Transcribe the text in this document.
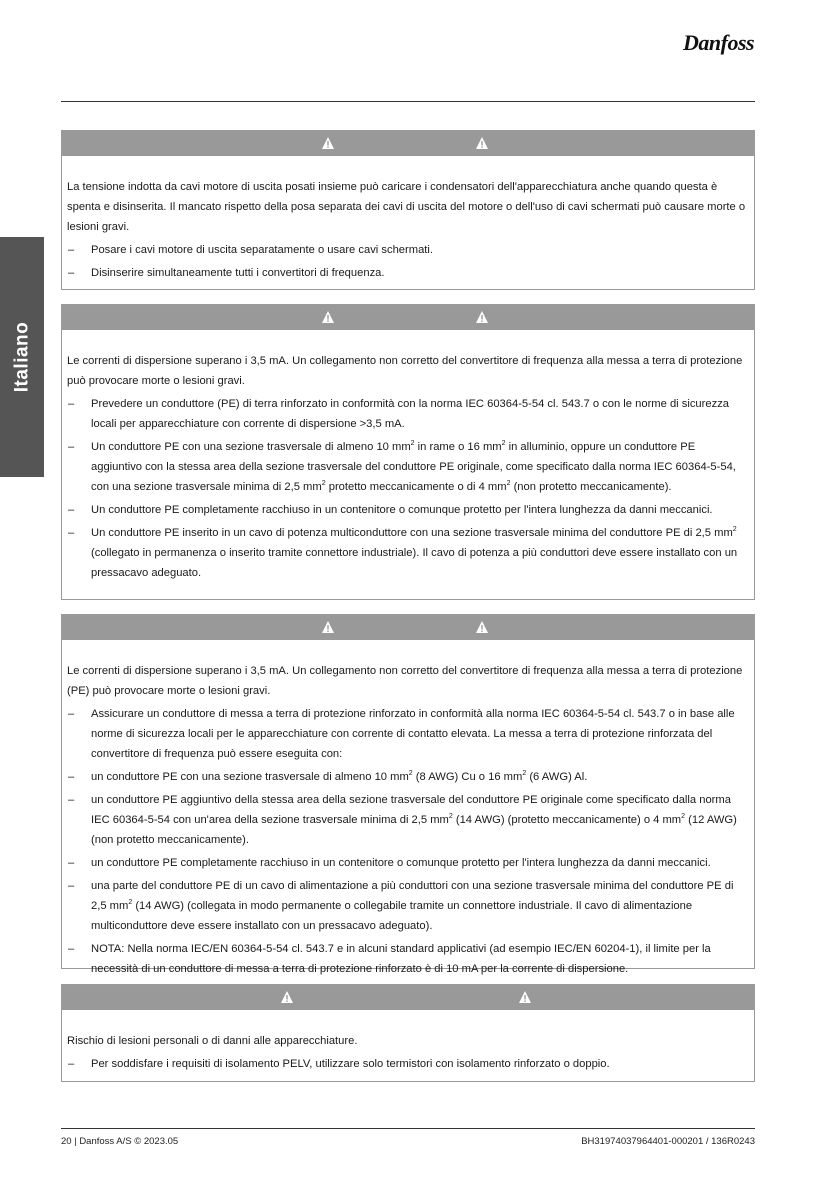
Danfoss
Italiano

La tensione indotta da cavi motore di uscita posati insieme può caricare i condensatori dell'apparecchiatura anche quando questa è spenta e disinserita. Il mancato rispetto della posa separata dei cavi di uscita del motore o dell'uso di cavi schermati può causare morte o lesioni gravi.

– Posare i cavi motore di uscita separatamente o usare cavi schermati.
– Disinserire simultaneamente tutti i convertitori di frequenza.

Le correnti di dispersione superano i 3,5 mA. Un collegamento non corretto del convertitore di frequenza alla messa a terra di protezione può provocare morte o lesioni gravi.

– Prevedere un conduttore (PE) di terra rinforzato in conformità con la norma IEC 60364-5-54 cl. 543.7 o con le norme di sicurezza locali per apparecchiature con corrente di dispersione >3,5 mA.
– Un conduttore PE con una sezione trasversale di almeno 10 $mm^2$ in rame o 16 $mm^2$ in alluminio, oppure un conduttore PE aggiuntivo con la stessa area della sezione trasversale del conduttore PE originale, come specificato dalla norma IEC 60364-5-54, con una sezione trasversale minima di 2,5 $mm^2$ protetto meccanicamente o di 4 $mm^2$ (non protetto meccanicamente).
– Un conduttore PE completamente racchiuso in un contenitore o comunque protetto per l'intera lunghezza da danni meccanici.
– Un conduttore PE inserito in un cavo di potenza multiconduttore con una sezione trasversale minima del conduttore PE di 2,5 $mm^2$ (collegato in permanenza o inserito tramite connettore industriale). Il cavo di potenza a più conduttori deve essere installato con un pressacavo adeguato.

Le correnti di dispersione superano i 3,5 mA. Un collegamento non corretto del convertitore di frequenza alla messa a terra di protezione (PE) può provocare morte o lesioni gravi.

– Assicurare un conduttore di messa a terra di protezione rinforzato in conformità alla norma IEC 60364-5-54 cl. 543.7 o in base alle norme di sicurezza locali per le apparecchiature con corrente di contatto elevata. La messa a terra di protezione rinforzata del convertitore di frequenza può essere eseguita con:
– un conduttore PE con una sezione trasversale di almeno 10 $mm^2$ (8 AWG) Cu o 16 $mm^2$ (6 AWG) Al.
– un conduttore PE aggiuntivo della stessa area della sezione trasversale del conduttore PE originale come specificato dalla norma IEC 60364-5-54 con un'area della sezione trasversale minima di 2,5 $mm^2$ (14 AWG) (protetto meccanicamente) o 4 $mm^2$ (12 AWG) (non protetto meccanicamente).
– un conduttore PE completamente racchiuso in un contenitore o comunque protetto per l'intera lunghezza da danni meccanici.
– una parte del conduttore PE di un cavo di alimentazione a più conduttori con una sezione trasversale minima del conduttore PE di 2,5 $mm^2$ (14 AWG) (collegata in modo permanente o collegabile tramite un connettore industriale. Il cavo di alimentazione multiconduttore deve essere installato con un pressacavo adeguato).
– NOTA: Nella norma IEC/EN 60364-5-54 cl. 543.7 e in alcuni standard applicativi (ad esempio IEC/EN 60204-1), il limite per la necessità di un conduttore di messa a terra di protezione rinforzato è di 10 mA per la corrente di dispersione.

Rischio di lesioni personali o di danni alle apparecchiature.

– Per soddisfare i requisiti di isolamento PELV, utilizzare solo termistori con isolamento rinforzato o doppio.
20 | Danfoss A/S © 2023.05	BH31974037964401-000201 / 136R0243
